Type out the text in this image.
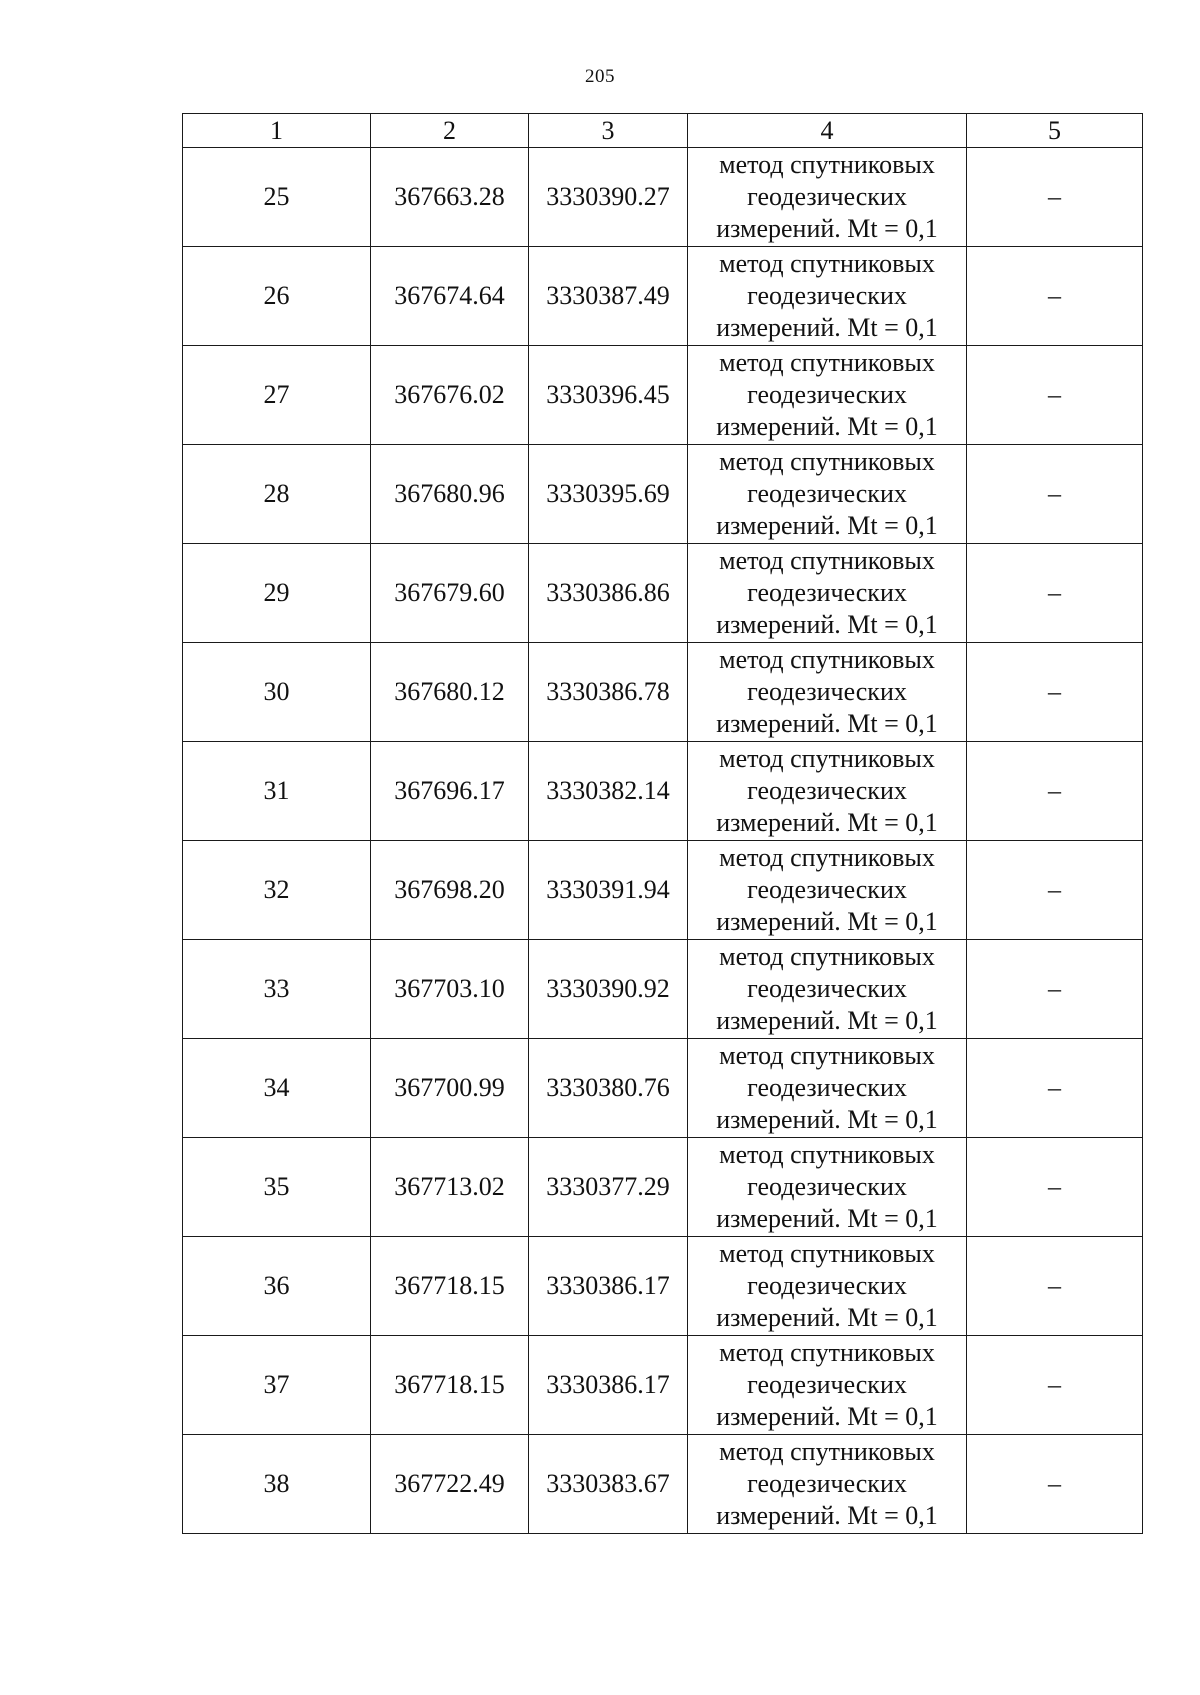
205
1	2	3	4	5
25	367663.28	3330390.27	метод спутниковых
геодезических
измерений. Mt = 0,1	–
26	367674.64	3330387.49	метод спутниковых
геодезических
измерений. Mt = 0,1	–
27	367676.02	3330396.45	метод спутниковых
геодезических
измерений. Mt = 0,1	–
28	367680.96	3330395.69	метод спутниковых
геодезических
измерений. Mt = 0,1	–
29	367679.60	3330386.86	метод спутниковых
геодезических
измерений. Mt = 0,1	–
30	367680.12	3330386.78	метод спутниковых
геодезических
измерений. Mt = 0,1	–
31	367696.17	3330382.14	метод спутниковых
геодезических
измерений. Mt = 0,1	–
32	367698.20	3330391.94	метод спутниковых
геодезических
измерений. Mt = 0,1	–
33	367703.10	3330390.92	метод спутниковых
геодезических
измерений. Mt = 0,1	–
34	367700.99	3330380.76	метод спутниковых
геодезических
измерений. Mt = 0,1	–
35	367713.02	3330377.29	метод спутниковых
геодезических
измерений. Mt = 0,1	–
36	367718.15	3330386.17	метод спутниковых
геодезических
измерений. Mt = 0,1	–
37	367718.15	3330386.17	метод спутниковых
геодезических
измерений. Mt = 0,1	–
38	367722.49	3330383.67	метод спутниковых
геодезических
измерений. Mt = 0,1	–
